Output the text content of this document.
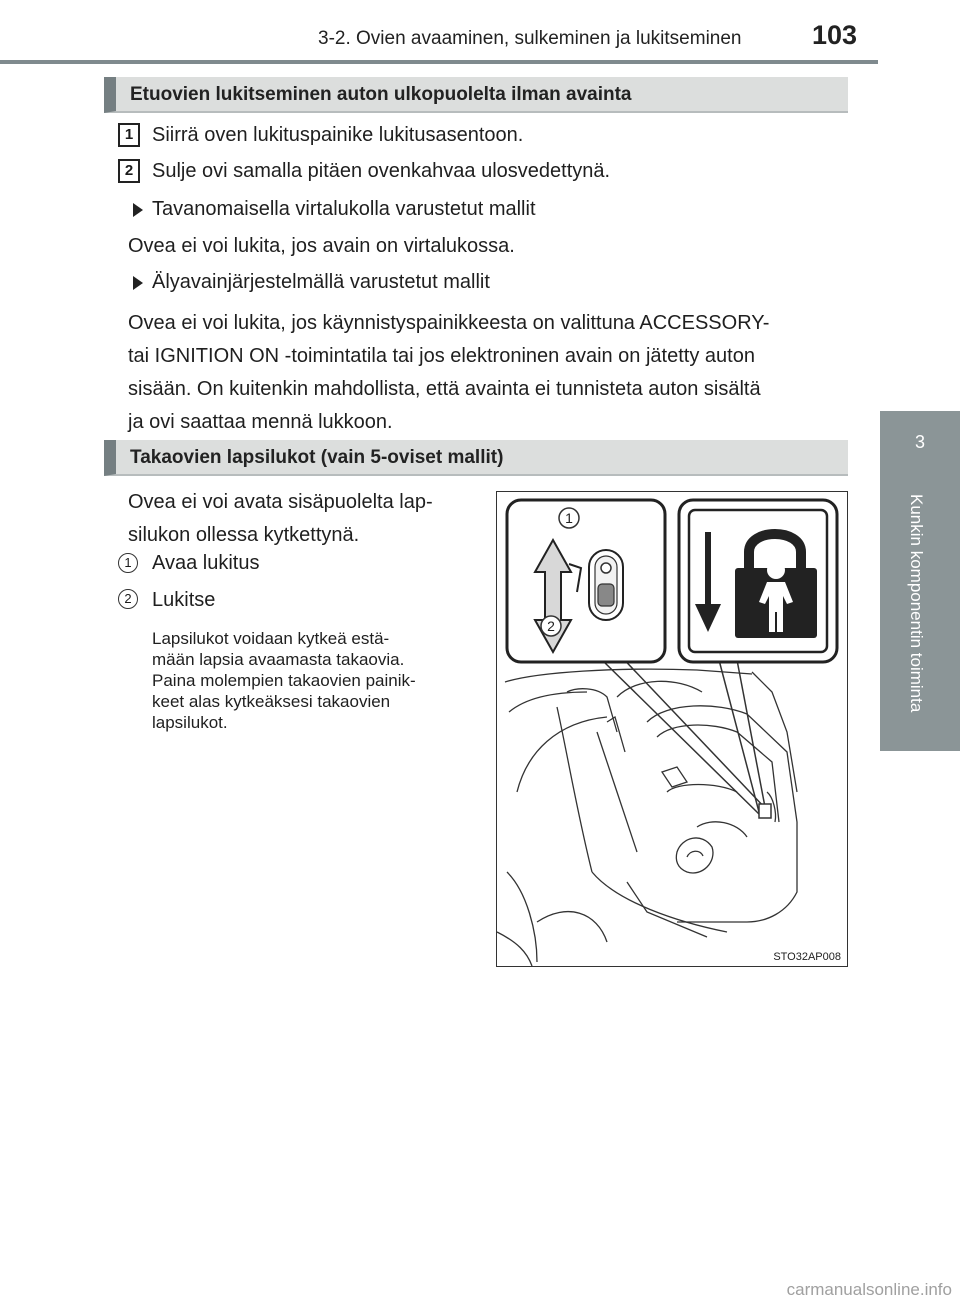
3-2. Ovien avaaminen, sulkeminen ja lukitseminen	103
3
Kunkin komponentin toiminta
Etuovien lukitseminen auton ulkopuolelta ilman avainta
1 Siirrä oven lukituspainike lukitusasentoon.
2 Sulje ovi samalla pitäen ovenkahvaa ulosvedettynä.
Tavanomaisella virtalukolla varustetut mallit
Ovea ei voi lukita, jos avain on virtalukossa.
Älyavainjärjestelmällä varustetut mallit
Ovea ei voi lukita, jos käynnistyspainikkeesta on valittuna ACCESSORY-
tai IGNITION ON -toimintatila tai jos elektroninen avain on jätetty auton
sisään. On kuitenkin mahdollista, että avainta ei tunnisteta auton sisältä
ja ovi saattaa mennä lukkoon.
Takaovien lapsilukot (vain 5-oviset mallit)
Ovea ei voi avata sisäpuolelta lap-
silukon ollessa kytkettynä.
1	Avaa lukitus
2	Lukitse
Lapsilukot voidaan kytkeä estä-
mään lapsia avaamasta takaovia.
Paina molempien takaovien painik-
keet alas kytkeäksesi takaovien
lapsilukot.
1
2
STO32AP008
carmanualsonline.info
